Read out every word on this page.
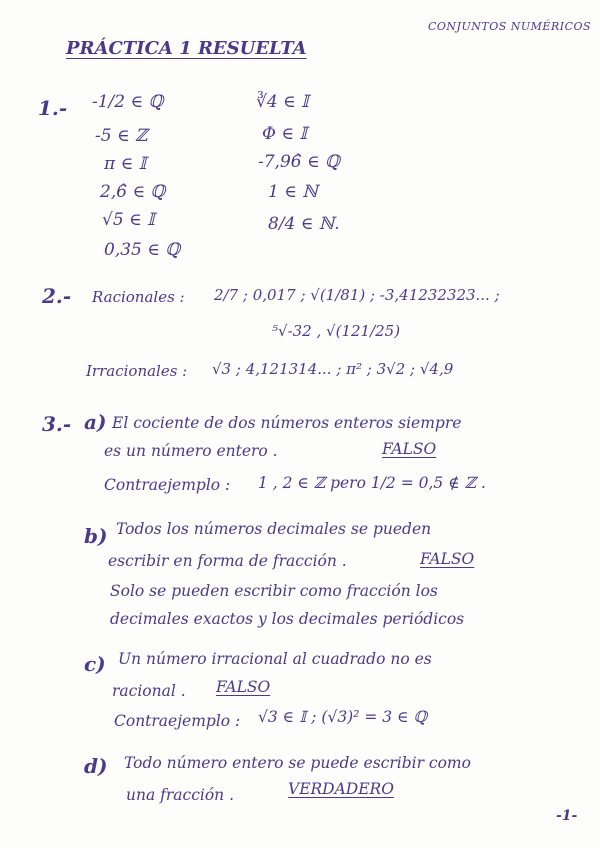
CONJUNTOS NUMÉRICOS
PRÁCTICA 1 RESUELTA
1.- -1/2 ∈ ℚ
-5 ∈ ℤ
π ∈ 𝕀
2,6̂ ∈ ℚ
√5 ∈ 𝕀
0,35 ∈ ℚ
∛4 ∈ 𝕀
Φ ∈ 𝕀
-7,96̂ ∈ ℚ
1 ∈ ℕ
8/4 ∈ ℕ.
2.- Racionales : 2/7 ; 0,017 ; √(1/81) ; -3,41232323... ;
⁵√-32 , √(121/25)
Irracionales : √3 ; 4,121314... ; π² ; 3√2 ; √4,9
3.- a) El cociente de dos números enteros siempre
es un número entero .	FALSO
Contraejemplo : 1 , 2 ∈ ℤ pero 1/2 = 0,5 ∉ ℤ .
b) Todos los números decimales se pueden
escribir en forma de fracción .	FALSO
Solo se pueden escribir como fracción los
decimales exactos y los decimales periódicos
c) Un número irracional al cuadrado no es
racional . FALSO
Contraejemplo : √3 ∈ 𝕀 ; (√3)² = 3 ∈ ℚ
d) Todo número entero se puede escribir como
una fracción .	VERDADERO
-1-
